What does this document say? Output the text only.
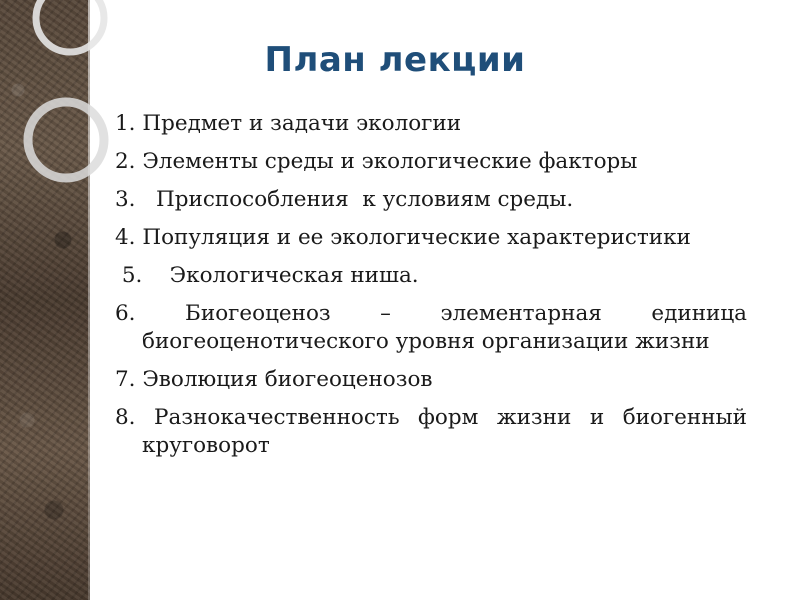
План лекции
1. Предмет и задачи экологии
2. Элементы среды и экологические факторы
3.   Приспособления  к условиям среды.
4. Популяция и ее экологические характеристики
5.    Экологическая ниша.
6. Биогеоценоз – элементарная единица биогеоценотического уровня организации жизни
7. Эволюция биогеоценозов
8. Разнокачественность форм жизни и биогенный круговорот
